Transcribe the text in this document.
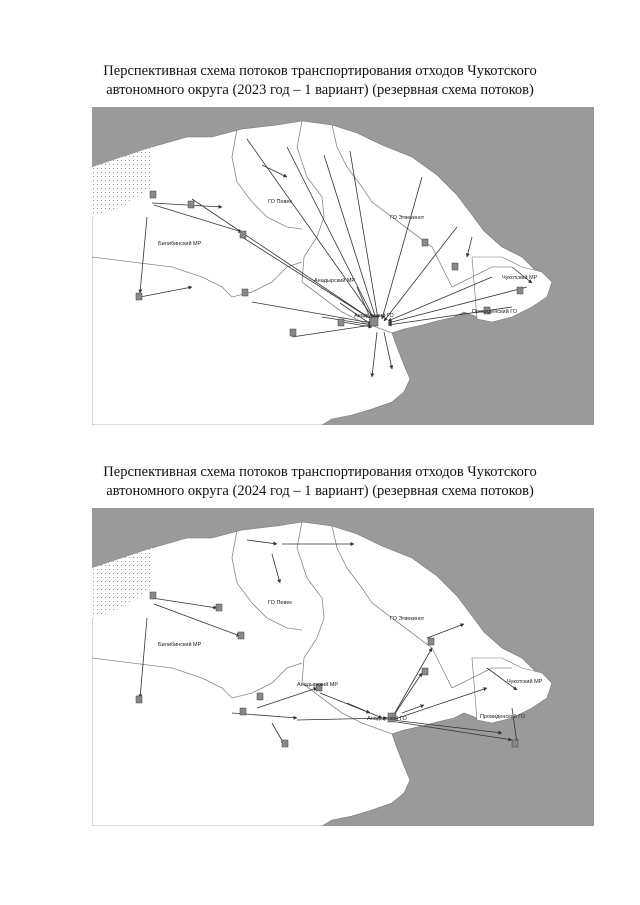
Перспективная схема потоков транспортирования отходов Чукотского
автономного округа (2023 год – 1 вариант) (резервная схема потоков)
Билибинский МР
ГО Певек
ГО Эгвекинот
Анадырский МР
Анадырский ГО
Чукотский МР
Провиденский ГО
Перспективная схема потоков транспортирования отходов Чукотского
автономного округа (2024 год – 1 вариант) (резервная схема потоков)
Билибинский МР
ГО Певек
ГО Эгвекинот
Анадырский МР
Анадырский ГО
Чукотский МР
Провиденский ГО
